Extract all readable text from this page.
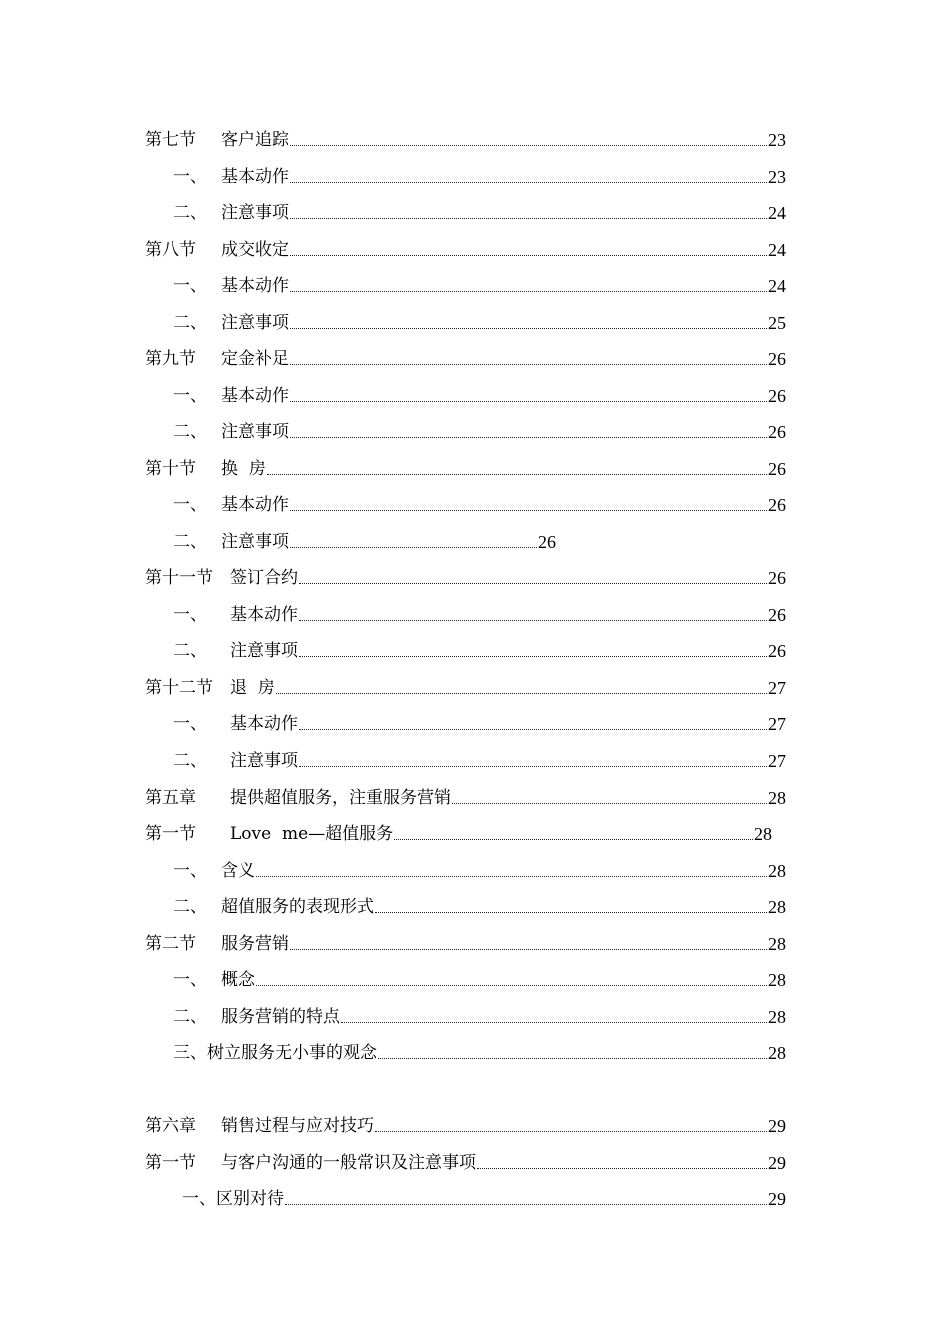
第七节	客户追踪	23
一、 基本动作	23
二、 注意事项	24
第八节	成交收定	24
一、 基本动作	24
二、 注意事项	25
第九节	定金补足	26
一、 基本动作	26
二、 注意事项	26
第十节	换  房	26
一、 基本动作	26
二、 注意事项	26
第十一节	签订合约	26
一、	基本动作	26
二、	注意事项	26
第十二节	退  房	27
一、	基本动作	27
二、	注意事项	27
第五章	提供超值服务，注重服务营销	28
第一节	Love  me—超值服务	28
一、 含义	28
二、 超值服务的表现形式	28
第二节	服务营销	28
一、 概念	28
二、 服务营销的特点	28
三、树立服务无小事的观念	28
第六章	销售过程与应对技巧	29
第一节	与客户沟通的一般常识及注意事项	29
一、区别对待	29
